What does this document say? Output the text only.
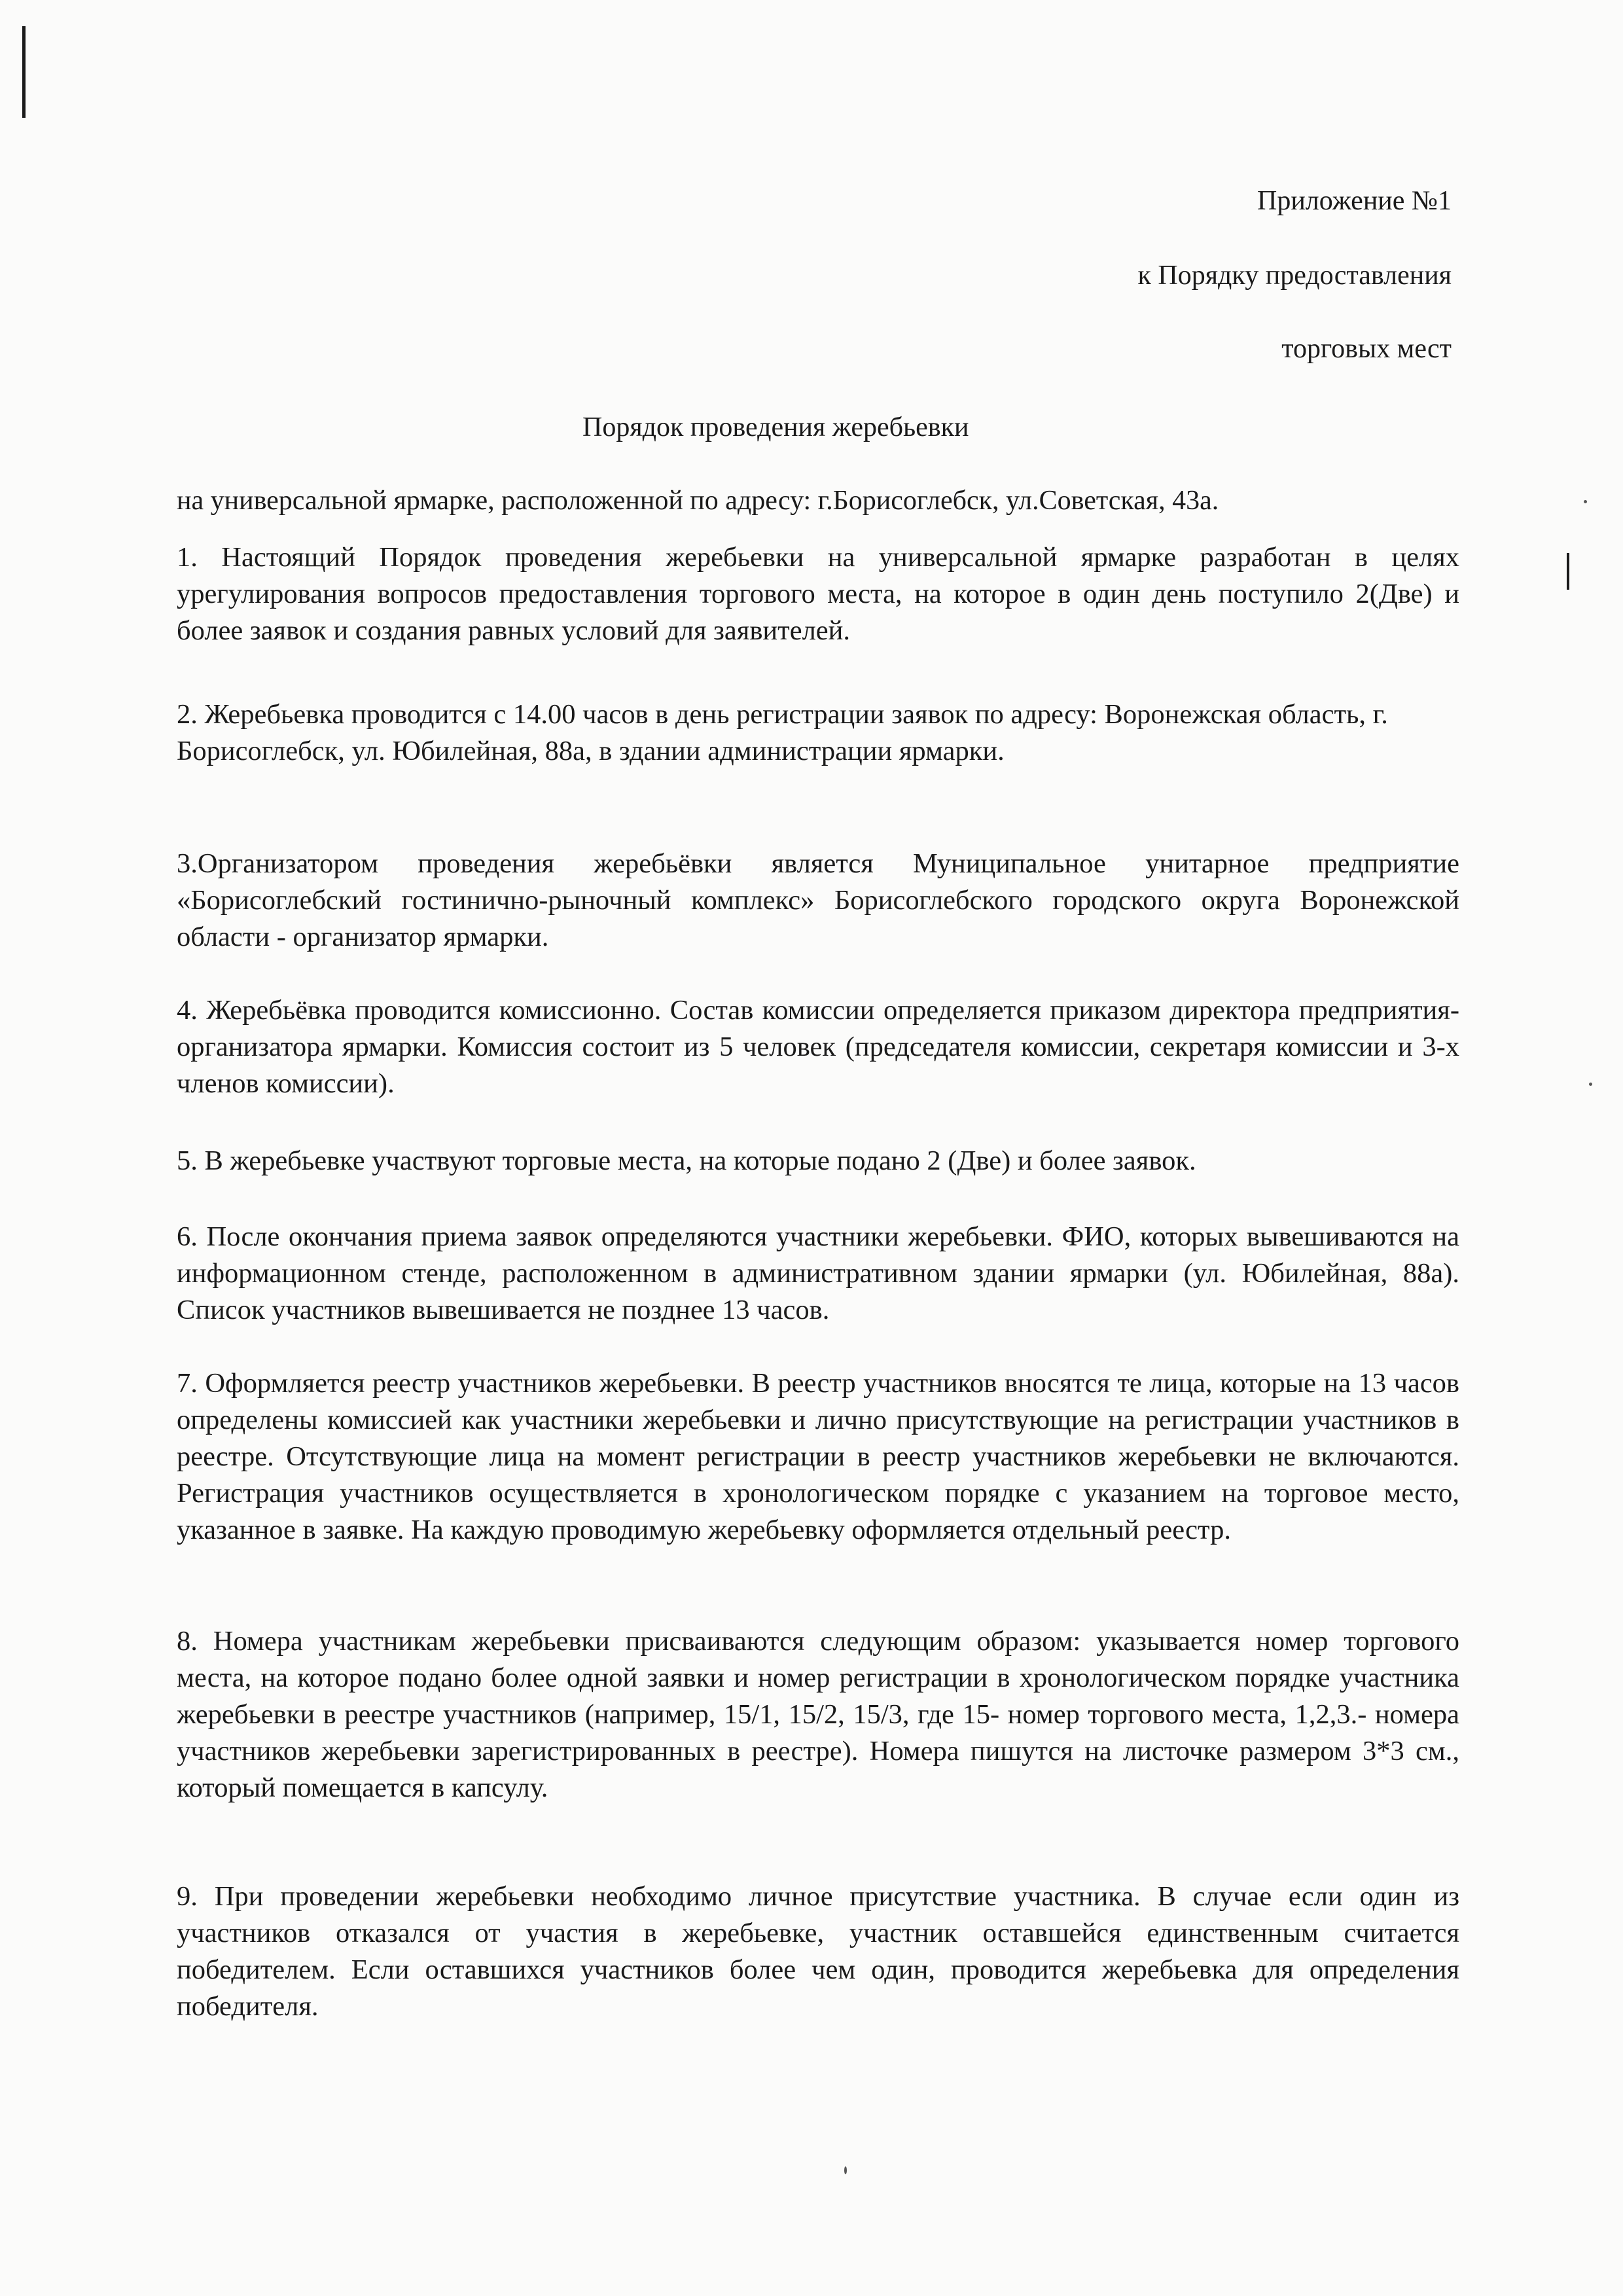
Приложение №1
к Порядку предоставления
торговых мест
Порядок проведения жеребьевки
на универсальной ярмарке, расположенной по адресу: г.Борисоглебск, ул.Советская, 43а.

1. Настоящий Порядок проведения жеребьевки на универсальной ярмарке разработан в целях урегулирования вопросов предоставления торгового места, на которое в один день поступило 2(Две) и более заявок и создания равных условий для заявителей.

2. Жеребьевка проводится с 14.00 часов в день регистрации заявок по адресу: Воронежская область, г. Борисоглебск, ул. Юбилейная, 88а, в здании администрации ярмарки.

3.Организатором проведения жеребьёвки является Муниципальное унитарное предприятие «Борисоглебский гостинично-рыночный комплекс» Борисоглебского городского округа Воронежской области - организатор ярмарки.

4. Жеребьёвка проводится комиссионно. Состав комиссии определяется приказом директора предприятия-организатора ярмарки. Комиссия состоит из 5 человек (председателя комиссии, секретаря комиссии и 3-х членов комиссии).

5. В жеребьевке участвуют торговые места, на которые подано 2 (Две) и более заявок.

6. После окончания приема заявок определяются участники жеребьевки. ФИО, которых вывешиваются на информационном стенде, расположенном в административном здании ярмарки (ул. Юбилейная, 88а). Список участников вывешивается не позднее 13 часов.

7. Оформляется реестр участников жеребьевки. В реестр участников вносятся те лица, которые на 13 часов определены комиссией как участники жеребьевки и лично присутствующие на регистрации участников в реестре. Отсутствующие лица на момент регистрации в реестр участников жеребьевки не включаются. Регистрация участников осуществляется в хронологическом порядке с указанием на торговое место, указанное в заявке. На каждую проводимую жеребьевку оформляется отдельный реестр.

8. Номера участникам жеребьевки присваиваются следующим образом: указывается номер торгового места, на которое подано более одной заявки и номер регистрации в хронологическом порядке участника жеребьевки в реестре участников (например, 15/1, 15/2, 15/3, где 15- номер торгового места, 1,2,3.- номера участников жеребьевки зарегистрированных в реестре). Номера пишутся на листочке размером 3*3 см., который помещается в капсулу.

9. При проведении жеребьевки необходимо личное присутствие участника. В случае если один из участников отказался от участия в жеребьевке, участник оставшейся единственным считается победителем. Если оставшихся участников более чем один, проводится жеребьевка для определения победителя.
